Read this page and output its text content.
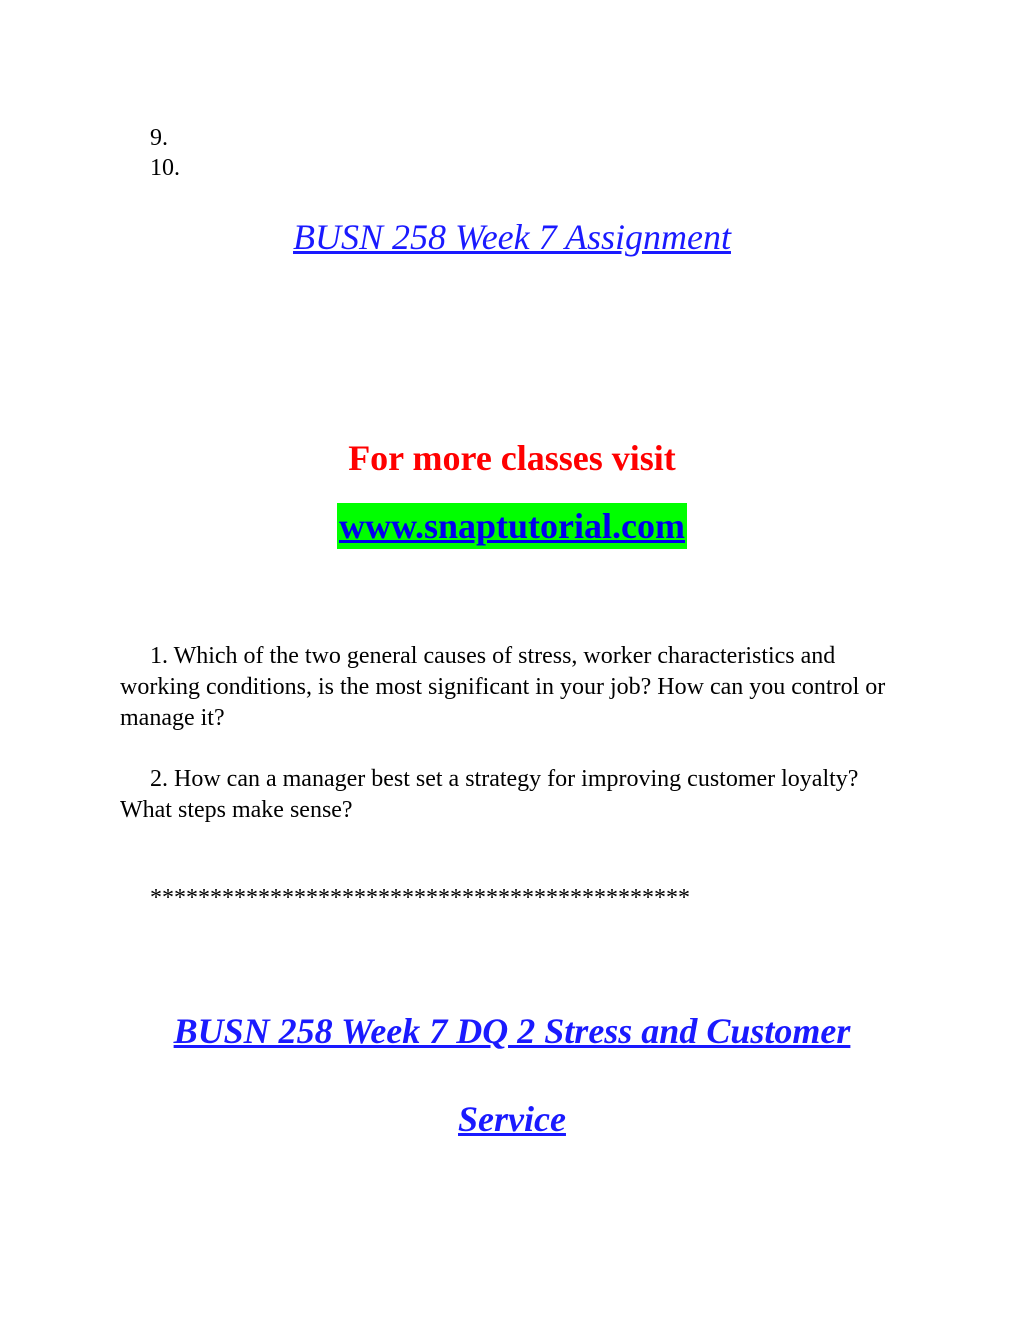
9.

10.

BUSN 258 Week 7 Assignment

For more classes visit

www.snaptutorial.com

1. Which of the two general causes of stress, worker characteristics and working conditions, is the most significant in your job? How can you control or manage it?

2. How can a manager best set a strategy for improving customer loyalty? What steps make sense?

*********************************************

BUSN 258 Week 7 DQ 2 Stress and Customer
Service
